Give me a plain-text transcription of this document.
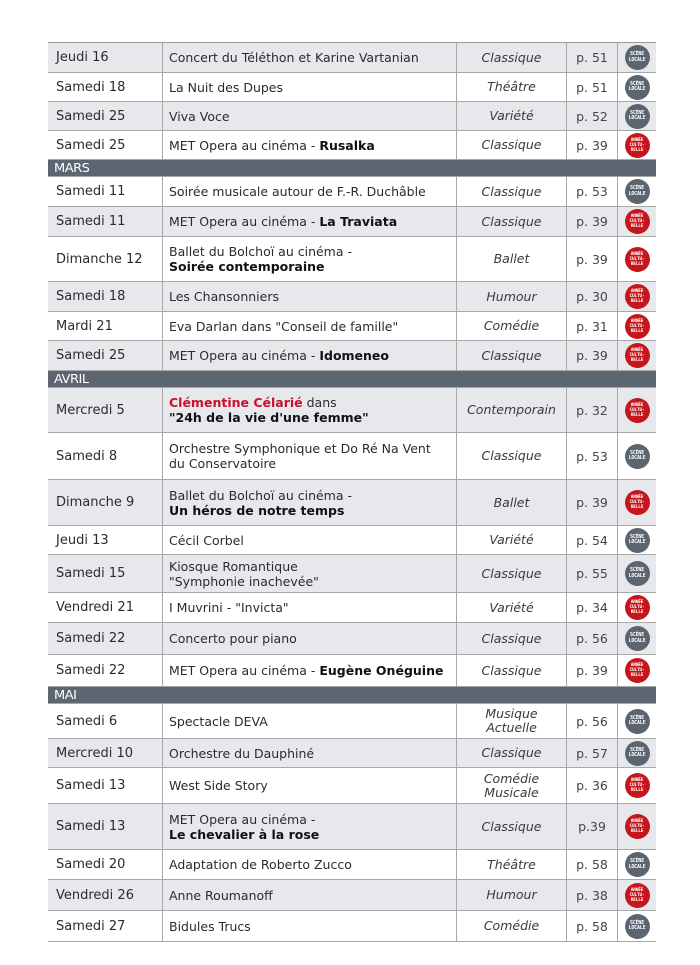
Jeudi 16	Concert du Téléthon et Karine Vartanian	Classique	p. 51	SCÈNE
LOCALE
Samedi 18	La Nuit des Dupes	Théâtre	p. 51	SCÈNE
LOCALE
Samedi 25	Viva Voce	Variété	p. 52	SCÈNE
LOCALE
Samedi 25	MET Opera au cinéma - Rusalka	Classique	p. 39	ANNÉE
CULTU-
RELLE
MARS
Samedi 11	Soirée musicale autour de F.-R. Duchâble	Classique	p. 53	SCÈNE
LOCALE
Samedi 11	MET Opera au cinéma - La Traviata	Classique	p. 39	ANNÉE
CULTU-
RELLE
Dimanche 12	Ballet du Bolchoï au cinéma -
Soirée contemporaine
Ballet	p. 39	ANNÉE
CULTU-
RELLE
Samedi 18	Les Chansonniers	Humour	p. 30	ANNÉE
CULTU-
RELLE
Mardi 21	Eva Darlan dans "Conseil de famille"	Comédie	p. 31	ANNÉE
CULTU-
RELLE
Samedi 25	MET Opera au cinéma - Idomeneo	Classique	p. 39	ANNÉE
CULTU-
RELLE
AVRIL
Mercredi 5	Clémentine Célarié dans
"24h de la vie d'une femme"
Contemporain	p. 32	ANNÉE
CULTU-
RELLE
Samedi 8	Orchestre Symphonique et Do Ré Na Vent
du Conservatoire
Classique	p. 53	SCÈNE
LOCALE
Dimanche 9	Ballet du Bolchoï au cinéma -
Un héros de notre temps
Ballet	p. 39	ANNÉE
CULTU-
RELLE
Jeudi 13	Cécil Corbel	Variété	p. 54	SCÈNE
LOCALE
Samedi 15	Kiosque Romantique
"Symphonie inachevée"
Classique	p. 55	SCÈNE
LOCALE
Vendredi 21	I Muvrini - "Invicta"	Variété	p. 34	ANNÉE
CULTU-
RELLE
Samedi 22	Concerto pour piano	Classique	p. 56	SCÈNE
LOCALE
Samedi 22	MET Opera au cinéma - Eugène Onéguine	Classique	p. 39	ANNÉE
CULTU-
RELLE
MAI
Samedi 6	Spectacle DEVA	Musique
Actuelle	p. 56	SCÈNE
LOCALE
Mercredi 10	Orchestre du Dauphiné	Classique	p. 57	SCÈNE
LOCALE
Samedi 13	West Side Story	Comédie
Musicale	p. 36	ANNÉE
CULTU-
RELLE
Samedi 13	MET Opera au cinéma -
Le chevalier à la rose
Classique	p.39	ANNÉE
CULTU-
RELLE
Samedi 20	Adaptation de Roberto Zucco	Théâtre	p. 58	SCÈNE
LOCALE
Vendredi 26	Anne Roumanoff	Humour	p. 38	ANNÉE
CULTU-
RELLE
Samedi 27	Bidules Trucs	Comédie	p. 58	SCÈNE
LOCALE
